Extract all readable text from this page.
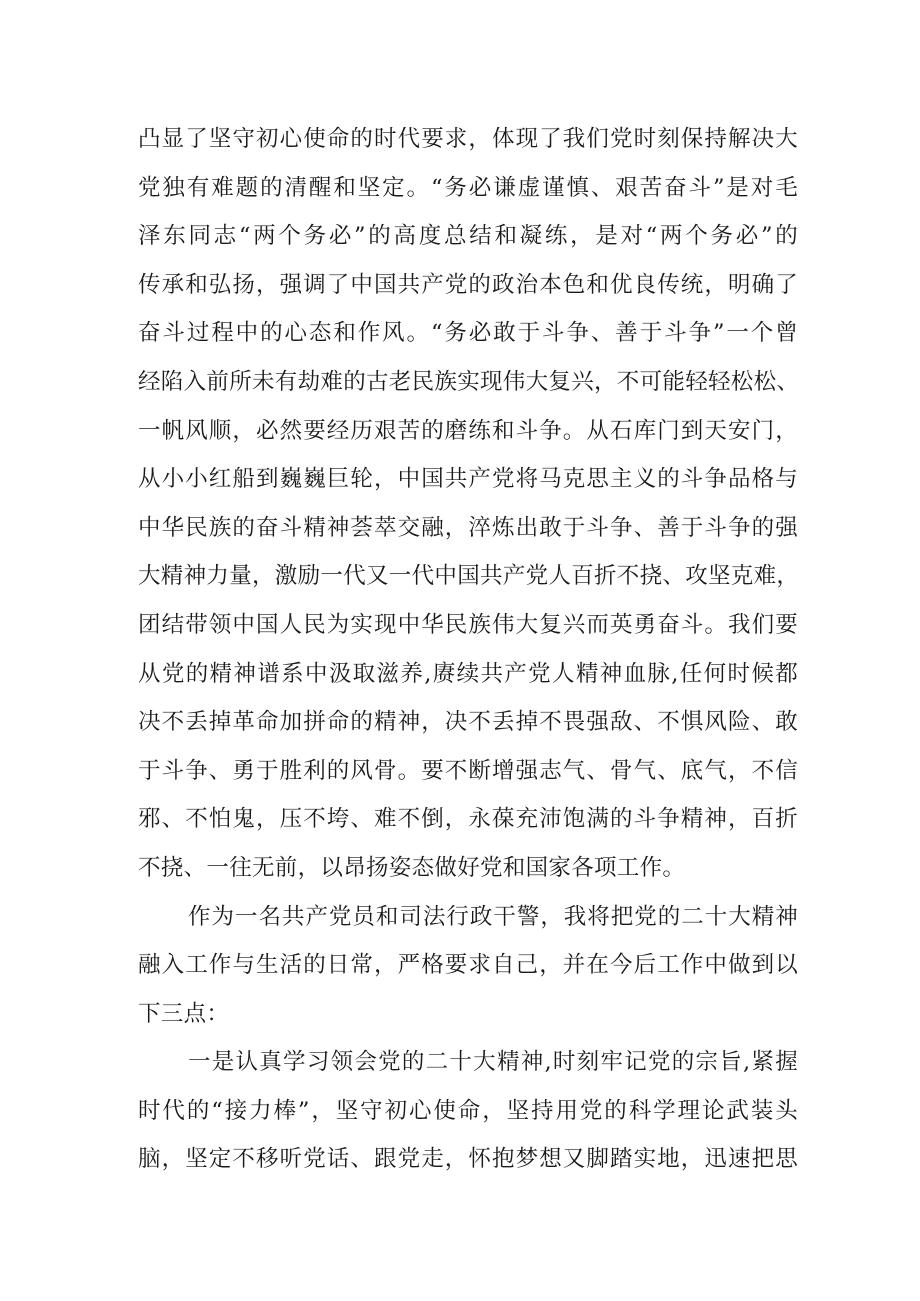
凸显了坚守初心使命的时代要求，体现了我们党时刻保持解决大
党独有难题的清醒和坚定。“务必谦虚谨慎、艰苦奋斗”是对毛
泽东同志“两个务必”的高度总结和凝练，是对“两个务必”的
传承和弘扬，强调了中国共产党的政治本色和优良传统，明确了
奋斗过程中的心态和作风。“务必敢于斗争、善于斗争”一个曾
经陷入前所未有劫难的古老民族实现伟大复兴，不可能轻轻松松、
一帆风顺，必然要经历艰苦的磨练和斗争。从石库门到天安门，
从小小红船到巍巍巨轮，中国共产党将马克思主义的斗争品格与
中华民族的奋斗精神荟萃交融，淬炼出敢于斗争、善于斗争的强
大精神力量，激励一代又一代中国共产党人百折不挠、攻坚克难，
团结带领中国人民为实现中华民族伟大复兴而英勇奋斗。我们要
从党的精神谱系中汲取滋养,赓续共产党人精神血脉,任何时候都
决不丢掉革命加拼命的精神，决不丢掉不畏强敌、不惧风险、敢
于斗争、勇于胜利的风骨。要不断增强志气、骨气、底气，不信
邪、不怕鬼，压不垮、难不倒，永葆充沛饱满的斗争精神，百折
不挠、一往无前，以昂扬姿态做好党和国家各项工作。
作为一名共产党员和司法行政干警，我将把党的二十大精神
融入工作与生活的日常，严格要求自己，并在今后工作中做到以
下三点：
一是认真学习领会党的二十大精神,时刻牢记党的宗旨,紧握
时代的“接力棒”，坚守初心使命，坚持用党的科学理论武装头
脑，坚定不移听党话、跟党走，怀抱梦想又脚踏实地，迅速把思
